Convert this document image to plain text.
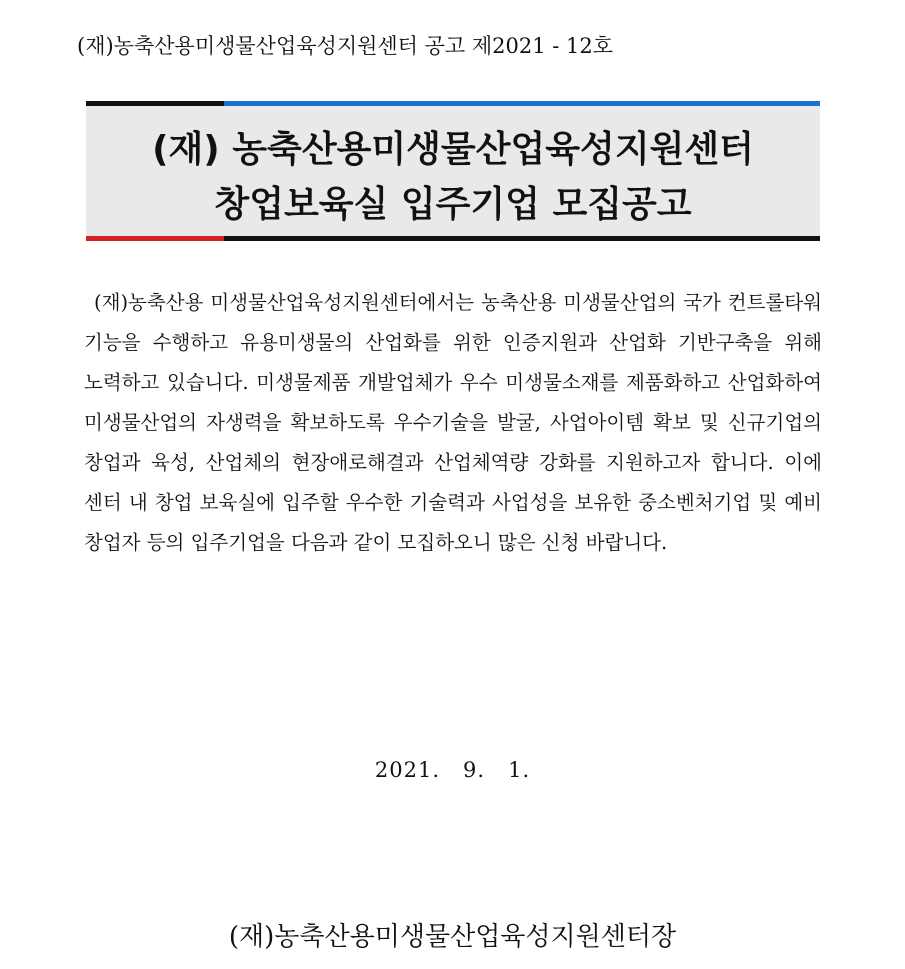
(재)농축산용미생물산업육성지원센터 공고 제2021 - 12호
(재) 농축산용미생물산업육성지원센터
창업보육실 입주기업 모집공고
(재)농축산용 미생물산업육성지원센터에서는 농축산용 미생물산업의 국가 컨트롤타워 기능을 수행하고 유용미생물의 산업화를 위한 인증지원과 산업화 기반구축을 위해 노력하고 있습니다. 미생물제품 개발업체가 우수 미생물소재를 제품화하고 산업화하여 미생물산업의 자생력을 확보하도록 우수기술을 발굴, 사업아이템 확보 및 신규기업의 창업과 육성, 산업체의 현장애로해결과 산업체역량 강화를 지원하고자 합니다. 이에 센터 내 창업 보육실에 입주할 우수한 기술력과 사업성을 보유한 중소벤처기업 및 예비 창업자 등의 입주기업을 다음과 같이 모집하오니 많은 신청 바랍니다.
2021.   9.   1.
(재)농축산용미생물산업육성지원센터장
